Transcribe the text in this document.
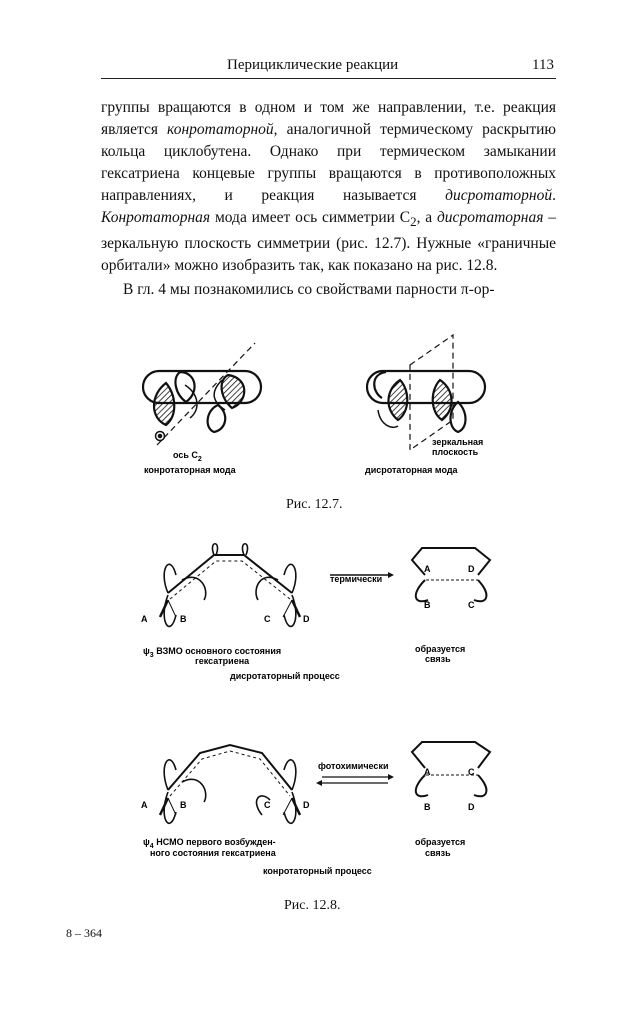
Перициклические реакции	113

группы вращаются в одном и том же направлении, т.е. реакция является конротаторной, аналогичной термическому раскрытию кольца циклобутена. Однако при термическом замыкании гексатриена концевые группы вращаются в противоположных направлениях, и реакция называется дисротаторной. Конротаторная мода имеет ось симметрии $C_2$, а дисротаторная – зеркальную плоскость симметрии (рис. 12.7). Нужные «граничные орбитали» можно изобразить так, как показано на рис. 12.8.

В гл. 4 мы познакомились со свойствами парности π-ор-

ось $C_2$
конротаторная мода
зеркальная
плоскость
дисротаторная мода
Рис. 12.7.
A	B	C	D
термически
A	D
B	C
$\psi_3$ ВЗМО основного состояния
гексатриена
образуется
связь
дисротаторный процесс
A	B	C	D
фотохимически
A	C
B	D
$\psi_4$ НСМО первого возбужден-
ного состояния гексатриена
образуется
связь
конротаторный процесс
Рис. 12.8.
8 – 364
